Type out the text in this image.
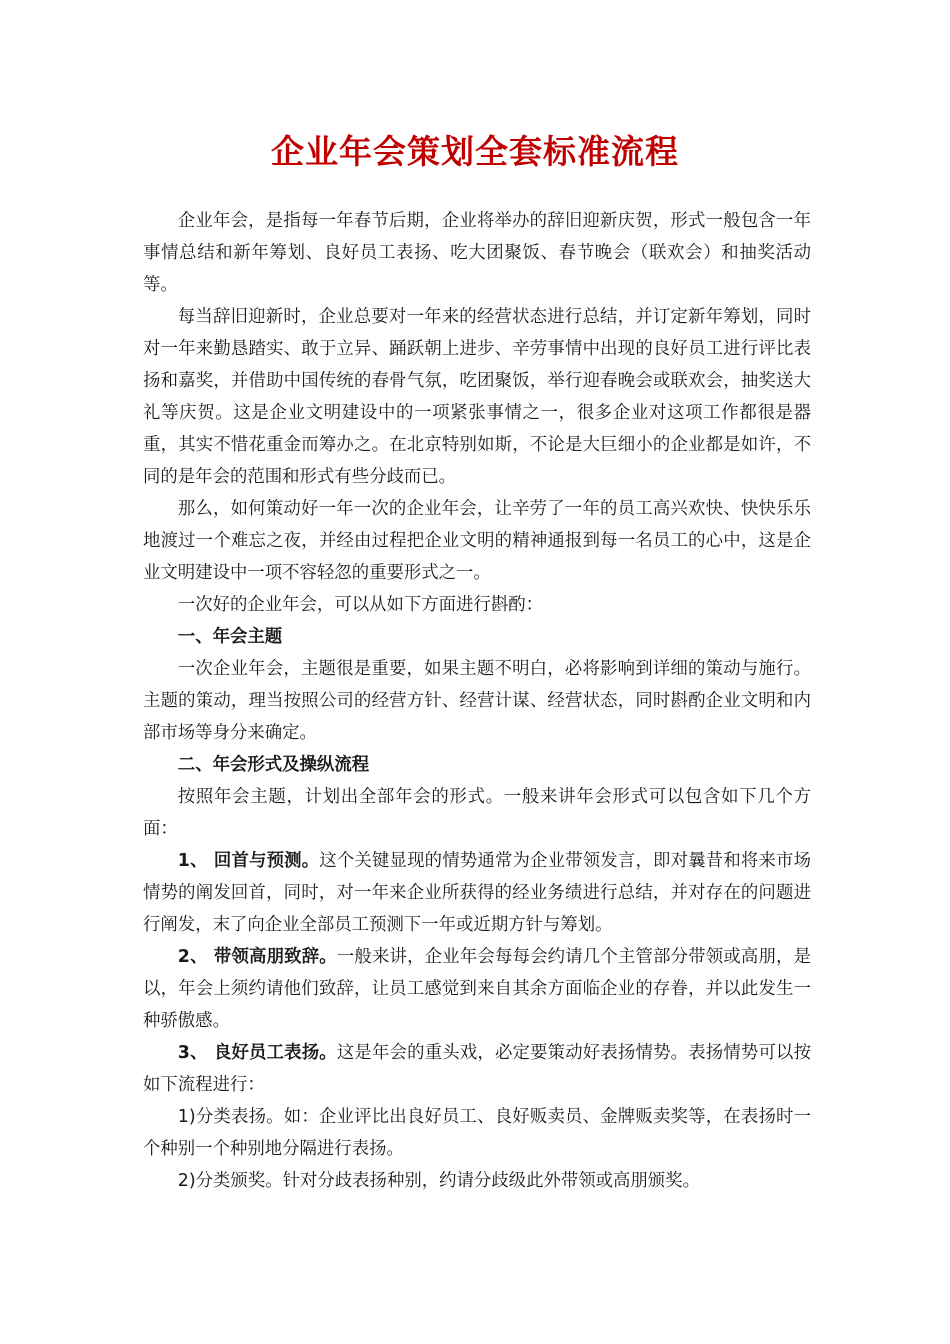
企业年会策划全套标准流程

企业年会，是指每一年春节后期，企业将举办的辞旧迎新庆贺，形式一般包含一年事情总结和新年筹划、良好员工表扬、吃大团聚饭、春节晚会（联欢会）和抽奖活动等。

每当辞旧迎新时，企业总要对一年来的经营状态进行总结，并订定新年筹划，同时对一年来勤恳踏实、敢于立异、踊跃朝上进步、辛劳事情中出现的良好员工进行评比表扬和嘉奖，并借助中国传统的春骨气氛，吃团聚饭，举行迎春晚会或联欢会，抽奖送大礼等庆贺。这是企业文明建设中的一项紧张事情之一，很多企业对这项工作都很是器重，其实不惜花重金而筹办之。在北京特别如斯，不论是大巨细小的企业都是如许，不同的是年会的范围和形式有些分歧而已。

那么，如何策动好一年一次的企业年会，让辛劳了一年的员工高兴欢快、快快乐乐地渡过一个难忘之夜，并经由过程把企业文明的精神通报到每一名员工的心中，这是企业文明建设中一项不容轻忽的重要形式之一。

一次好的企业年会，可以从如下方面进行斟酌：

一、年会主题

一次企业年会，主题很是重要，如果主题不明白，必将影响到详细的策动与施行。主题的策动，理当按照公司的经营方针、经营计谋、经营状态，同时斟酌企业文明和内部市场等身分来确定。

二、年会形式及操纵流程

按照年会主题，计划出全部年会的形式。一般来讲年会形式可以包含如下几个方面：

1、 回首与预测。这个关键显现的情势通常为企业带领发言，即对曩昔和将来市场情势的阐发回首，同时，对一年来企业所获得的经业务绩进行总结，并对存在的问题进行阐发，末了向企业全部员工预测下一年或近期方针与筹划。

2、 带领高朋致辞。一般来讲，企业年会每每会约请几个主管部分带领或高朋，是以，年会上须约请他们致辞，让员工感觉到来自其余方面临企业的存眷，并以此发生一种骄傲感。

3、 良好员工表扬。这是年会的重头戏，必定要策动好表扬情势。表扬情势可以按如下流程进行：

1)分类表扬。如：企业评比出良好员工、良好贩卖员、金牌贩卖奖等，在表扬时一个种别一个种别地分隔进行表扬。

2)分类颁奖。针对分歧表扬种别，约请分歧级此外带领或高朋颁奖。
